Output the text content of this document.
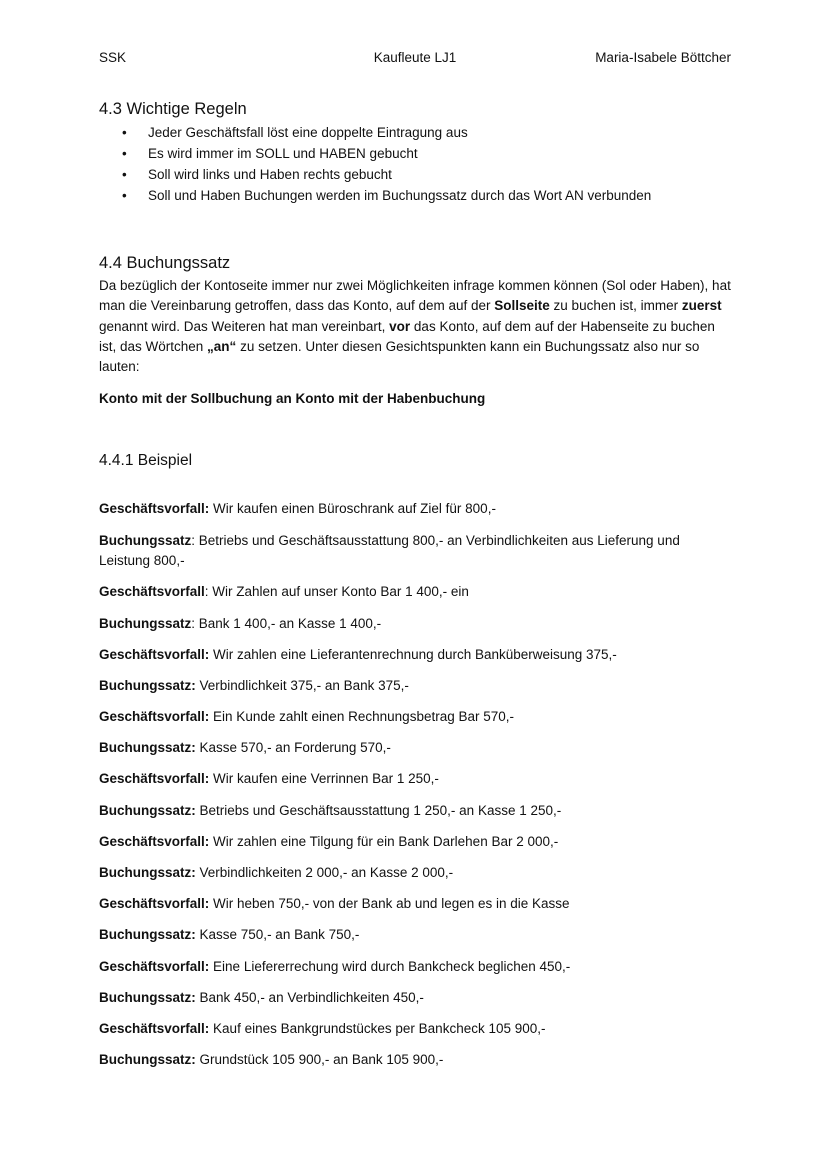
SSK	Kaufleute LJ1	Maria-Isabele Böttcher
4.3 Wichtige Regeln
• Jeder Geschäftsfall löst eine doppelte Eintragung aus
• Es wird immer im SOLL und HABEN gebucht
• Soll wird links und Haben rechts gebucht
• Soll und Haben Buchungen werden im Buchungssatz durch das Wort AN verbunden
4.4 Buchungssatz

Da bezüglich der Kontoseite immer nur zwei Möglichkeiten infrage kommen können (Sol oder Haben), hat man die Vereinbarung getroffen, dass das Konto, auf dem auf der Sollseite zu buchen ist, immer zuerst genannt wird. Das Weiteren hat man vereinbart, vor das Konto, auf dem auf der Habenseite zu buchen ist, das Wörtchen „an“ zu setzen. Unter diesen Gesichtspunkten kann ein Buchungssatz also nur so lauten:

Konto mit der Sollbuchung an Konto mit der Habenbuchung
4.4.1 Beispiel
Geschäftsvorfall: Wir kaufen einen Büroschrank auf Ziel für 800,-
Buchungssatz: Betriebs und Geschäftsausstattung 800,- an Verbindlichkeiten aus Lieferung und Leistung 800,-
Geschäftsvorfall: Wir Zahlen auf unser Konto Bar 1 400,- ein
Buchungssatz: Bank 1 400,- an Kasse 1 400,-
Geschäftsvorfall: Wir zahlen eine Lieferantenrechnung durch Banküberweisung 375,-
Buchungssatz: Verbindlichkeit 375,- an Bank 375,-
Geschäftsvorfall: Ein Kunde zahlt einen Rechnungsbetrag Bar 570,-
Buchungssatz: Kasse 570,- an Forderung 570,-
Geschäftsvorfall: Wir kaufen eine Verrinnen Bar 1 250,-
Buchungssatz: Betriebs und Geschäftsausstattung 1 250,- an Kasse 1 250,-
Geschäftsvorfall: Wir zahlen eine Tilgung für ein Bank Darlehen Bar 2 000,-
Buchungssatz: Verbindlichkeiten 2 000,- an Kasse 2 000,-
Geschäftsvorfall: Wir heben 750,- von der Bank ab und legen es in die Kasse
Buchungssatz: Kasse 750,- an Bank 750,-
Geschäftsvorfall: Eine Liefererrechung wird durch Bankcheck beglichen 450,-
Buchungssatz: Bank 450,- an Verbindlichkeiten 450,-
Geschäftsvorfall: Kauf eines Bankgrundstückes per Bankcheck 105 900,-
Buchungssatz: Grundstück 105 900,- an Bank 105 900,-
